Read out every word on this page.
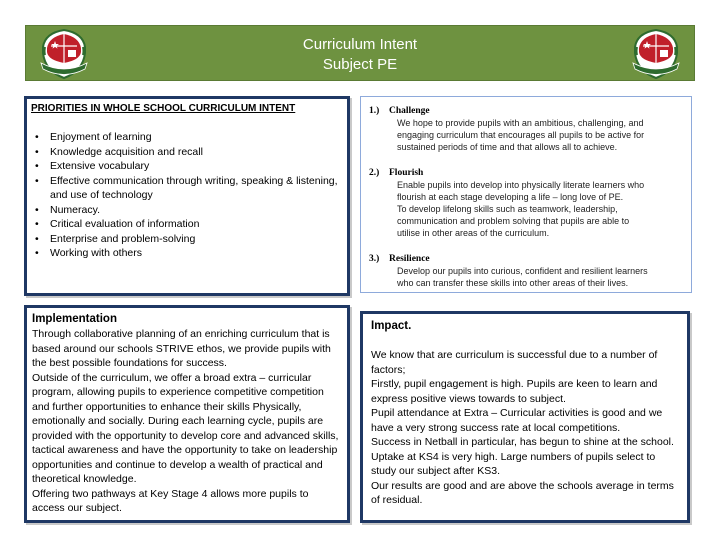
Curriculum Intent
Subject PE
PRIORITIES IN WHOLE SCHOOL CURRICULUM INTENT
• Enjoyment of learning
• Knowledge acquisition and recall
• Extensive vocabulary
• Effective communication through writing, speaking & listening, and use of technology
• Numeracy.
• Critical evaluation of information
• Enterprise and problem-solving
• Working with others
1.) Challenge
We hope to provide pupils with an ambitious, challenging, and
engaging curriculum that encourages all pupils to be active for
sustained periods of time and that allows all to achieve.
2.) Flourish
Enable pupils into develop into physically literate learners who
flourish at each stage developing a life – long love of PE.
To develop lifelong skills such as teamwork, leadership,
communication and problem solving that pupils are able to
utilise in other areas of the curriculum.
3.) Resilience
Develop our pupils into curious, confident and resilient learners
who can transfer these skills into other areas of their lives.
Implementation
Through collaborative planning of an enriching curriculum that is based around our schools STRIVE ethos, we provide pupils with the best possible foundations for success.
Outside of the curriculum, we offer a broad extra – curricular program, allowing pupils to experience competitive competition and further opportunities to enhance their skills Physically, emotionally and socially. During each learning cycle, pupils are provided with the opportunity to develop core and advanced skills, tactical awareness and have the opportunity to take on leadership opportunities and continue to develop a wealth of practical and theoretical knowledge.
Offering two pathways at Key Stage 4 allows more pupils to access our subject.
Impact.
We know that are curriculum is successful due to a number of factors;
Firstly, pupil engagement is high. Pupils are keen to learn and express positive views towards to subject.
Pupil attendance at Extra – Curricular activities is good and we have a very strong success rate at local competitions.
Success in Netball in particular, has begun to shine at the school.
Uptake at KS4 is very high. Large numbers of pupils select to study our subject after KS3.
Our results are good and are above the schools average in terms of residual.
